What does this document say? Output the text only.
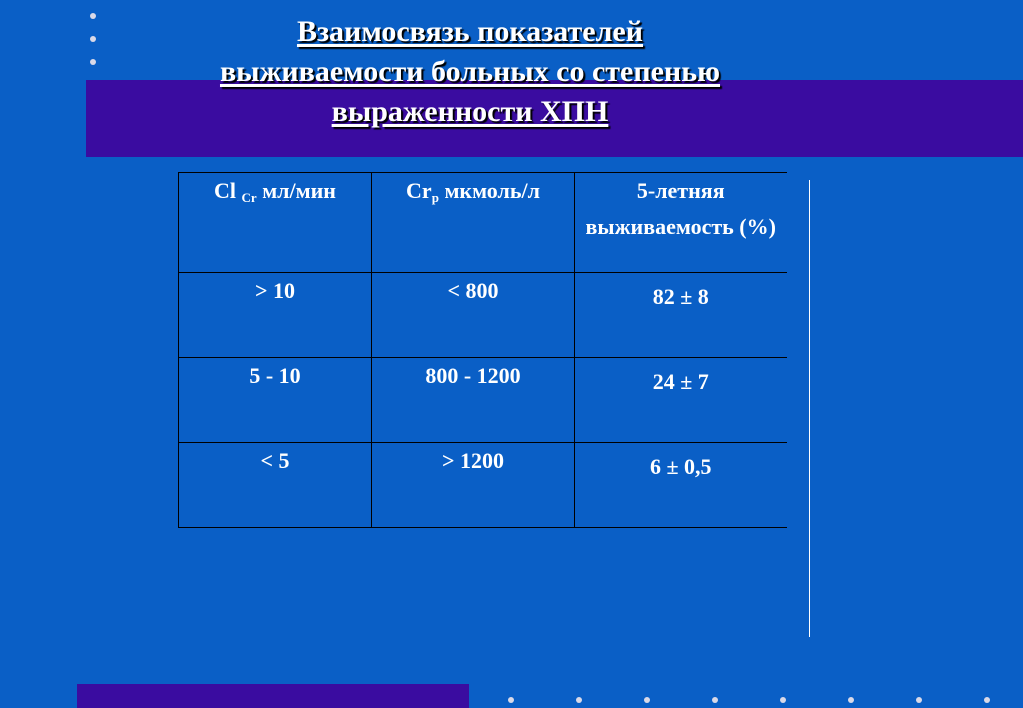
Взаимосвязь показателей
выживаемости больных со степенью
выраженности ХПН
Cl $_{Cr}$ мл/мин	$Cr_p$ мкмоль/л	5-летняя выживаемость (%)
> 10	< 800	82 ± 8
5 - 10	800 - 1200	24 ± 7
< 5	> 1200	6 ± 0,5
